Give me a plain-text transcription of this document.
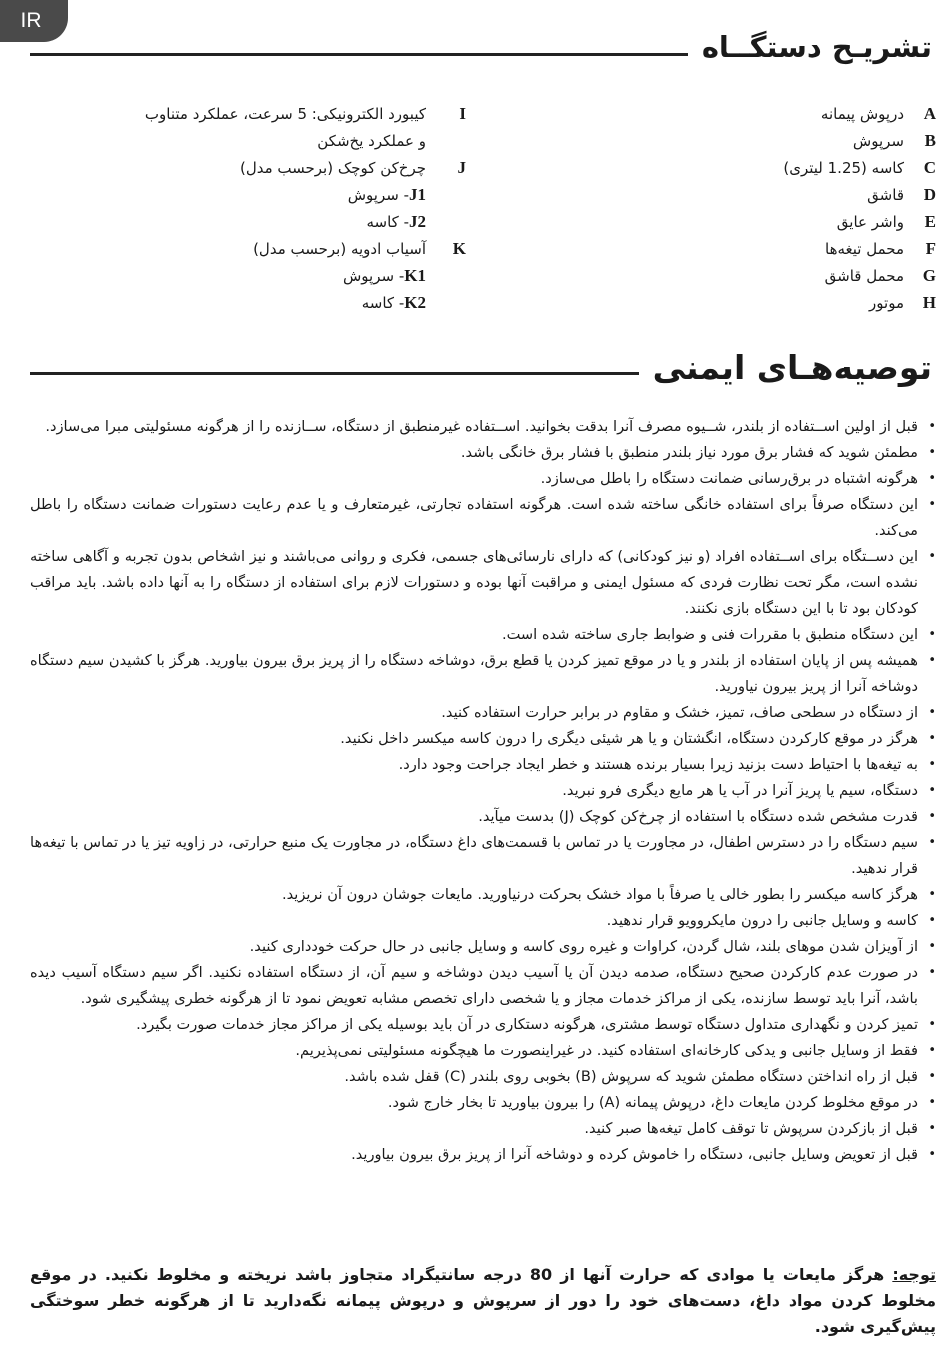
IR
تشریـح دستگــاه
A
درپوش پیمانه
B
سرپوش
C
کاسه (1.25 لیتری)
D
قاشق
E
واشر عایق
F
محمل تیغه‌ها
G
محمل قاشق
H
موتور
I
کیبورد الکترونیکی: 5 سرعت، عملکرد متناوب
و عملکرد یخ‌شکن
J
چرخ‌کن کوچک (برحسب مدل)
J1
- سرپوش
J2
- کاسه
K
آسیاب ادویه (برحسب مدل)
K1
- سرپوش
K2
- کاسه
توصیه‌هـای ایمنی
•
قبل از اولین اســتفاده از بلندر، شــیوه مصرف آنرا بدقت بخوانید. اســتفاده غیرمنطبق از دستگاه، ســازنده را از هرگونه مسئولیتی مبرا می‌سازد.
•
مطمئن شوید که فشار برق مورد نیاز بلندر منطبق با فشار برق خانگی باشد.
•
هرگونه اشتباه در برق‌رسانی ضمانت دستگاه را باطل می‌سازد.
•
این دستگاه صرفاً برای استفاده خانگی ساخته شده است. هرگونه استفاده تجارتی، غیرمتعارف و یا عدم رعایت دستورات ضمانت دستگاه را باطل می‌کند.
•
این دســتگاه برای اســتفاده افراد (و نیز کودکانی) که دارای نارسائی‌های جسمی، فکری و روانی می‌باشند و نیز اشخاص بدون تجربه و آگاهی ساخته نشده است، مگر تحت نظارت فردی که مسئول ایمنی و مراقبت آنها بوده و دستورات لازم برای استفاده از دستگاه را به آنها داده باشد. باید مراقب کودکان بود تا با این دستگاه بازی نکنند.
•
این دستگاه منطبق با مقررات فنی و ضوابط جاری ساخته شده است.
•
همیشه پس از پایان استفاده از بلندر و یا در موقع تمیز کردن یا قطع برق، دوشاخه دستگاه را از پریز برق بیرون بیاورید. هرگز با کشیدن سیم دستگاه دوشاخه آنرا از پریز بیرون نیاورید.
•
از دستگاه در سطحی صاف، تمیز، خشک و مقاوم در برابر حرارت استفاده کنید.
•
هرگز در موقع کارکردن دستگاه، انگشتان و یا هر شیئی دیگری را درون کاسه میکسر داخل نکنید.
•
به تیغه‌ها با احتیاط دست بزنید زیرا بسیار برنده هستند و خطر ایجاد جراحت وجود دارد.
•
دستگاه، سیم یا پریز آنرا در آب یا هر مایع دیگری فرو نبرید.
•
قدرت مشخص شده دستگاه با استفاده از چرخ‌کن کوچک (J) بدست میآید.
•
سیم دستگاه را در دسترس اطفال، در مجاورت یا در تماس با قسمت‌های داغ دستگاه، در مجاورت یک منبع حرارتی، در زاویه تیز یا در تماس با تیغه‌ها قرار ندهید.
•
هرگز کاسه میکسر را بطور خالی یا صرفاً با مواد خشک بحرکت درنیاورید. مایعات جوشان درون آن نریزید.
•
کاسه و وسایل جانبی را درون مایکروویو قرار ندهید.
•
از آویزان شدن موهای بلند، شال گردن، کراوات و غیره روی کاسه و وسایل جانبی در حال حرکت خودداری کنید.
•
در صورت عدم کارکردن صحیح دستگاه، صدمه دیدن آن یا آسیب دیدن دوشاخه و سیم آن، از دستگاه استفاده نکنید. اگر سیم دستگاه آسیب دیده باشد، آنرا باید توسط سازنده، یکی از مراکز خدمات مجاز و یا شخصی دارای تخصص مشابه تعویض نمود تا از هرگونه خطری پیشگیری شود.
•
تمیز کردن و نگهداری متداول دستگاه توسط مشتری، هرگونه دستکاری در آن باید بوسیله یکی از مراکز مجاز خدمات صورت بگیرد.
•
فقط از وسایل جانبی و یدکی کارخانه‌ای استفاده کنید. در غیراینصورت ما هیچگونه مسئولیتی نمی‌پذیریم.
•
قبل از راه انداختن دستگاه مطمئن شوید که سرپوش (B) بخوبی روی بلندر (C) قفل شده باشد.
•
در موقع مخلوط کردن مایعات داغ، درپوش پیمانه (A) را بیرون بیاورید تا بخار خارج شود.
•
قبل از بازکردن سرپوش تا توقف کامل تیغه‌ها صبر کنید.
•
قبل از تعویض وسایل جانبی، دستگاه را خاموش کرده و دوشاخه آنرا از پریز برق بیرون بیاورید.
توجه: هرگز مایعات یا موادی که حرارت آنها از 80 درجه سانتیگراد متجاوز باشد نریخته و مخلوط نکنید. در موقع مخلوط کردن مواد داغ، دست‌های خود را دور از سرپوش و درپوش پیمانه نگه‌دارید تا از هرگونه خطر سوختگی پیش‌گیری شود.
